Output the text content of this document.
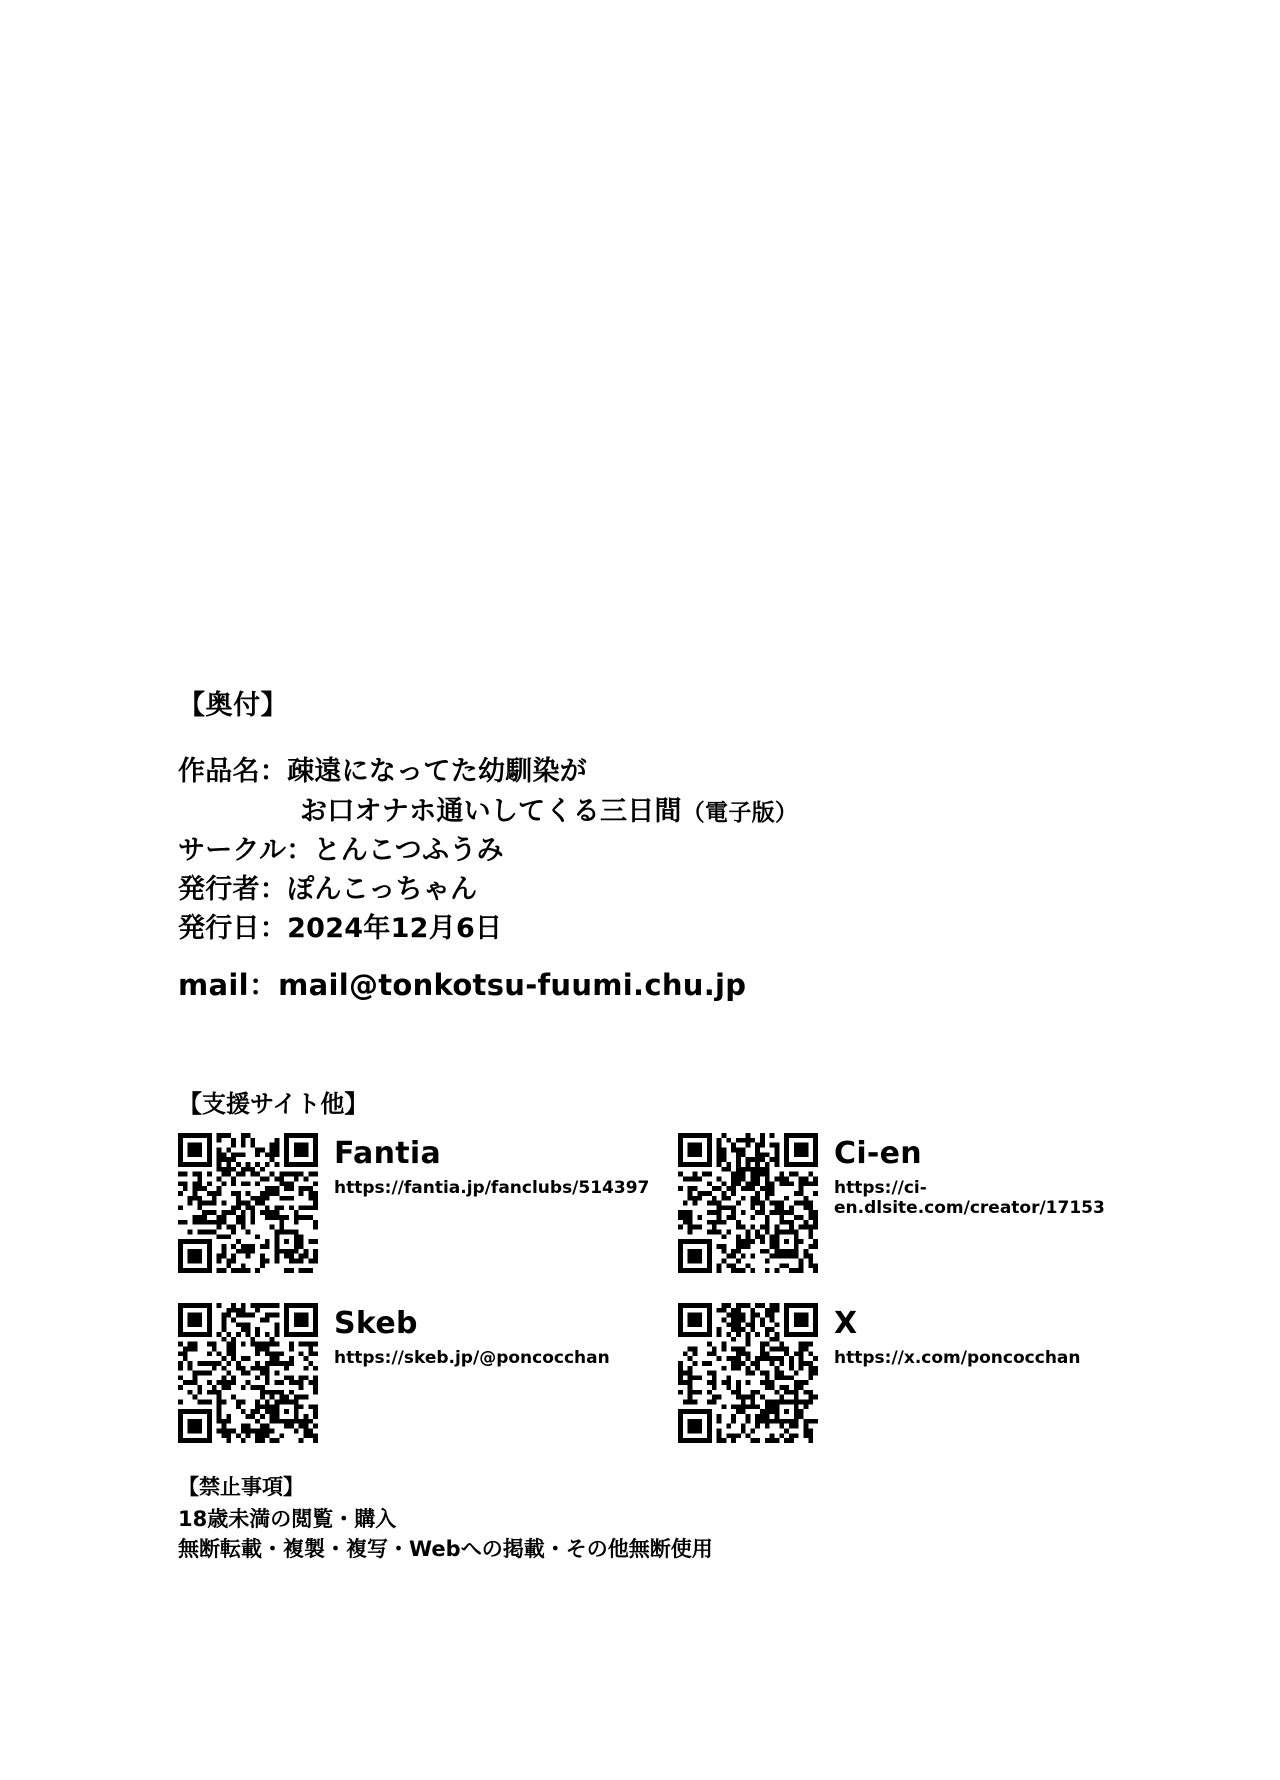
【奥付】
作品名：疎遠になってた幼馴染が
お口オナホ通いしてくる三日間（電子版）
サークル：とんこつふうみ
発行者：ぽんこっちゃん
発行日：2024年12月6日
mail：mail@tonkotsu-fuumi.chu.jp
【支援サイト他】
Fantia
https://fantia.jp/fanclubs/514397
Ci-en
https://ci-en.dlsite.com/creator/17153
Skeb
https://skeb.jp/@poncocchan
X
https://x.com/poncocchan
【禁止事項】
18歳未満の閲覧・購入
無断転載・複製・複写・Webへの掲載・その他無断使用
